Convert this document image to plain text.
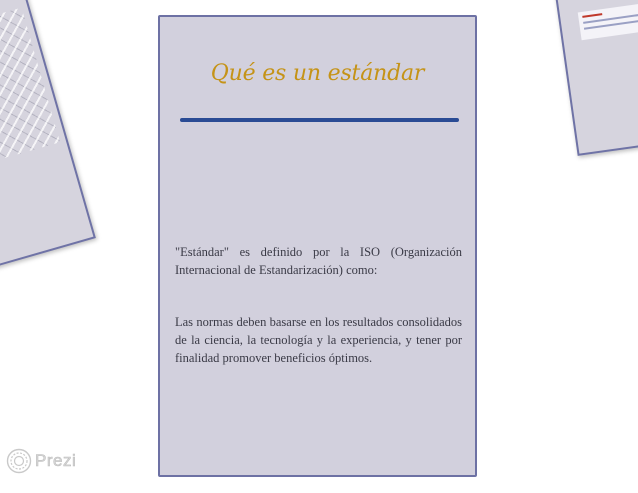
Qué es un estándar
"Estándar" es definido por la ISO (Organización Internacional de Estandarización) como:
Las normas deben basarse en los resultados consolidados de la ciencia, la tecnología y la experiencia, y tener por finalidad promover beneficios óptimos.
Prezi
